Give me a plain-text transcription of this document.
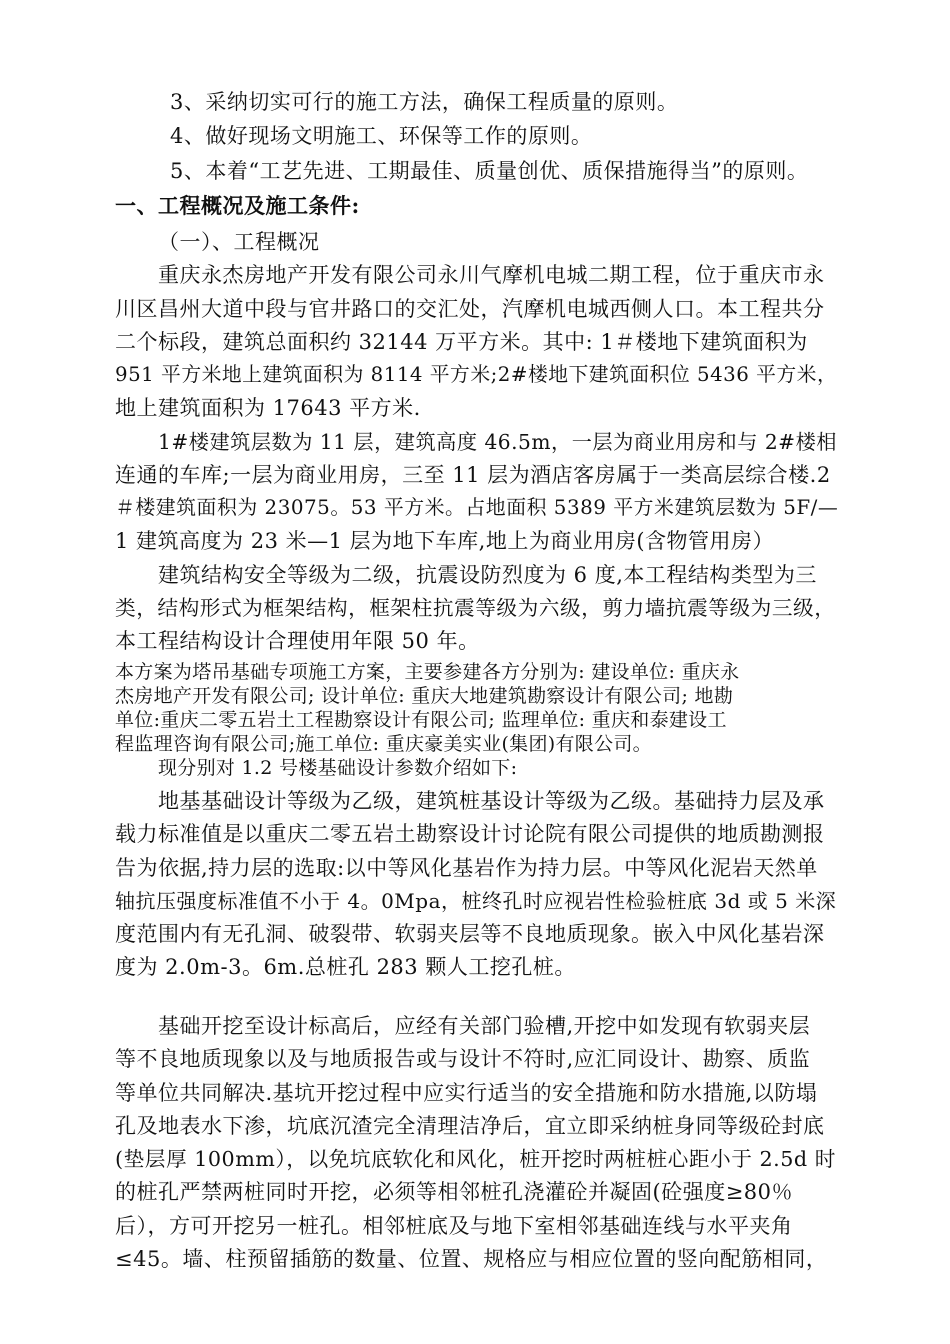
3、采纳切实可行的施工方法，确保工程质量的原则。
4、做好现场文明施工、环保等工作的原则。
5、本着“工艺先进、工期最佳、质量创优、质保措施得当”的原则。
一、工程概况及施工条件:
（一）、工程概况
重庆永杰房地产开发有限公司永川气摩机电城二期工程，位于重庆市永
川区昌州大道中段与官井路口的交汇处，汽摩机电城西侧人口。本工程共分
二个标段，建筑总面积约 32144 万平方米。其中: 1＃楼地下建筑面积为
951 平方米地上建筑面积为 8114 平方米;2#楼地下建筑面积位 5436 平方米，
地上建筑面积为 17643 平方米.
1#楼建筑层数为 11 层，建筑高度 46.5m，一层为商业用房和与 2#楼相
连通的车库;一层为商业用房，三至 11 层为酒店客房属于一类高层综合楼.2
＃楼建筑面积为 23075。53 平方米。占地面积 5389 平方米建筑层数为 5F/—
1 建筑高度为 23 米—1 层为地下车库,地上为商业用房(含物管用房）
建筑结构安全等级为二级，抗震设防烈度为 6 度,本工程结构类型为三
类，结构形式为框架结构，框架柱抗震等级为六级，剪力墙抗震等级为三级，
本工程结构设计合理使用年限 50 年。
本方案为塔吊基础专项施工方案，主要参建各方分别为: 建设单位: 重庆永
杰房地产开发有限公司; 设计单位: 重庆大地建筑勘察设计有限公司; 地勘
单位:重庆二零五岩土工程勘察设计有限公司; 监理单位: 重庆和泰建设工
程监理咨询有限公司;施工单位: 重庆豪美实业(集团)有限公司。
现分别对 1.2 号楼基础设计参数介绍如下:
地基基础设计等级为乙级，建筑桩基设计等级为乙级。基础持力层及承
载力标准值是以重庆二零五岩土勘察设计讨论院有限公司提供的地质勘测报
告为依据,持力层的选取:以中等风化基岩作为持力层。中等风化泥岩天然单
轴抗压强度标准值不小于 4。0Mpa，桩终孔时应视岩性检验桩底 3d 或 5 米深
度范围内有无孔洞、破裂带、软弱夹层等不良地质现象。嵌入中风化基岩深
度为 2.0m-3。6m.总桩孔 283 颗人工挖孔桩。
基础开挖至设计标高后，应经有关部门验槽,开挖中如发现有软弱夹层
等不良地质现象以及与地质报告或与设计不符时,应汇同设计、勘察、质监
等单位共同解决.基坑开挖过程中应实行适当的安全措施和防水措施,以防塌
孔及地表水下渗，坑底沉渣完全清理洁净后，宜立即采纳桩身同等级砼封底
(垫层厚 100mm），以免坑底软化和风化，桩开挖时两桩桩心距小于 2.5d 时
的桩孔严禁两桩同时开挖，必须等相邻桩孔浇灌砼并凝固(砼强度≥80％
后），方可开挖另一桩孔。相邻桩底及与地下室相邻基础连线与水平夹角
≤45。墙、柱预留插筋的数量、位置、规格应与相应位置的竖向配筋相同，
